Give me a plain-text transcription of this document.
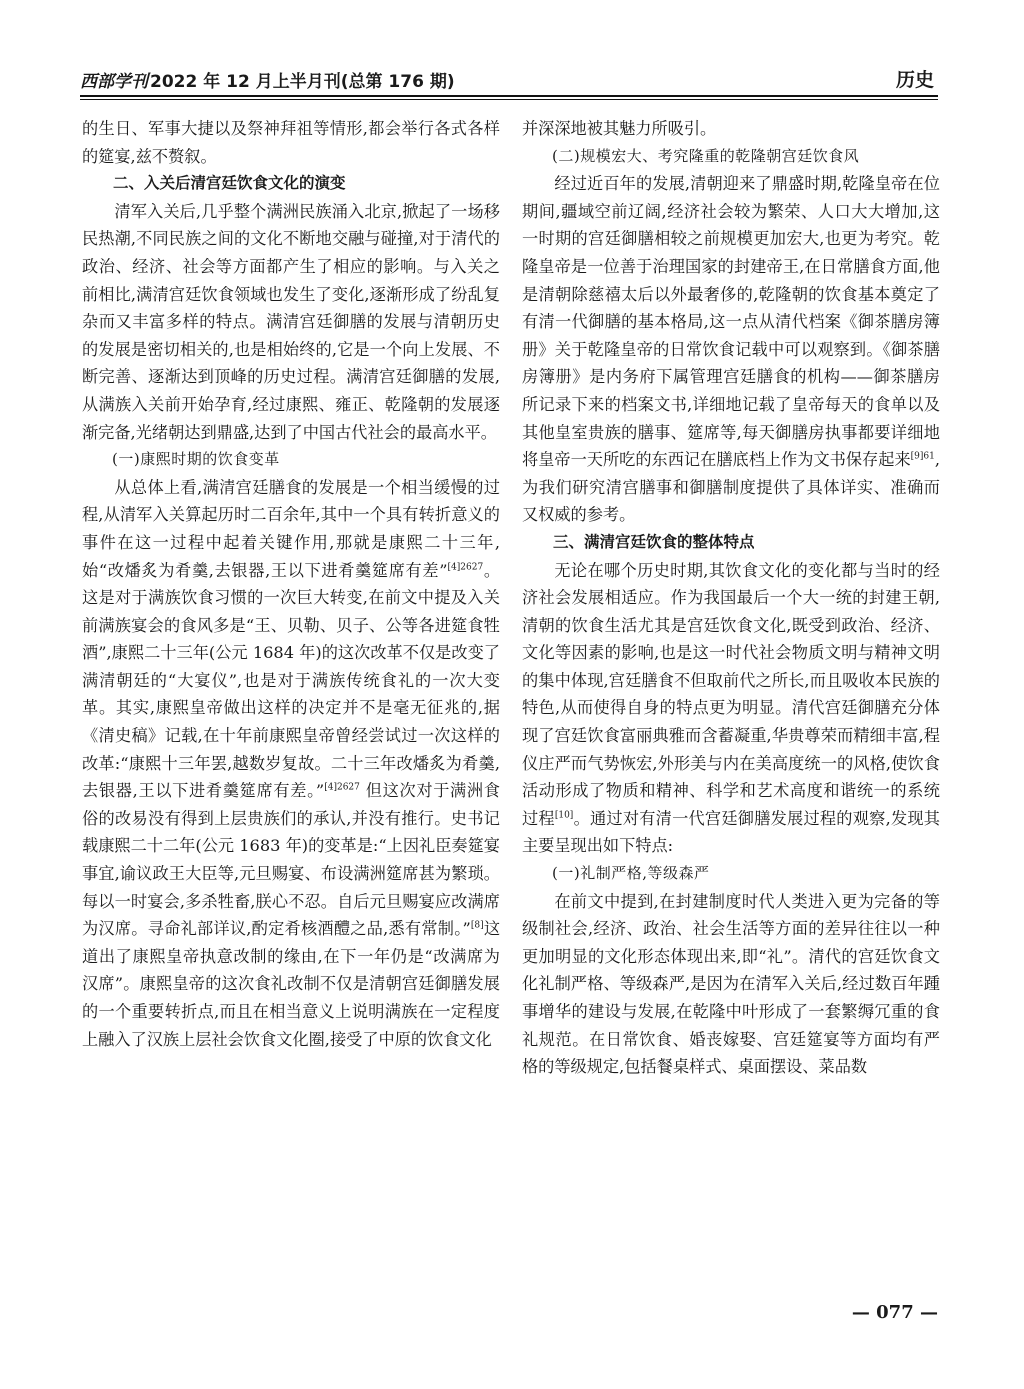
西部学刊 2022 年 12 月上半月刊(总第 176 期)	历史

的生日、军事大捷以及祭神拜祖等情形,都会举行各式各样的筵宴,兹不赘叙。

二、入关后清宫廷饮食文化的演变

清军入关后,几乎整个满洲民族涌入北京,掀起了一场移民热潮,不同民族之间的文化不断地交融与碰撞,对于清代的政治、经济、社会等方面都产生了相应的影响。与入关之前相比,满清宫廷饮食领域也发生了变化,逐渐形成了纷乱复杂而又丰富多样的特点。满清宫廷御膳的发展与清朝历史的发展是密切相关的,也是相始终的,它是一个向上发展、不断完善、逐渐达到顶峰的历史过程。满清宫廷御膳的发展,从满族入关前开始孕育,经过康熙、雍正、乾隆朝的发展逐渐完备,光绪朝达到鼎盛,达到了中国古代社会的最高水平。

(一)康熙时期的饮食变革

从总体上看,满清宫廷膳食的发展是一个相当缓慢的过程,从清军入关算起历时二百余年,其中一个具有转折意义的事件在这一过程中起着关键作用,那就是康熙二十三年,始“改燔炙为肴羹,去银器,王以下进肴羹筵席有差”$^{[4]2627}$。这是对于满族饮食习惯的一次巨大转变,在前文中提及入关前满族宴会的食风多是“王、贝勒、贝子、公等各进筵食牲酒”,康熙二十三年(公元 1684 年)的这次改革不仅是改变了满清朝廷的“大宴仪”,也是对于满族传统食礼的一次大变革。其实,康熙皇帝做出这样的决定并不是毫无征兆的,据《清史稿》记载,在十年前康熙皇帝曾经尝试过一次这样的改革:“康熙十三年罢,越数岁复故。二十三年改燔炙为肴羹,去银器,王以下进肴羹筵席有差。”$^{[4]2627}$ 但这次对于满洲食俗的改易没有得到上层贵族们的承认,并没有推行。史书记载康熙二十二年(公元 1683 年)的变革是:“上因礼臣奏筵宴事宜,谕议政王大臣等,元旦赐宴、布设满洲筵席甚为繁琐。每以一时宴会,多杀牲畜,朕心不忍。自后元旦赐宴应改满席为汉席。寻命礼部详议,酌定肴核酒醴之品,悉有常制。”[8]这道出了康熙皇帝执意改制的缘由,在下一年仍是“改满席为汉席”。康熙皇帝的这次食礼改制不仅是清朝宫廷御膳发展的一个重要转折点,而且在相当意义上说明满族在一定程度上融入了汉族上层社会饮食文化圈,接受了中原的饮食文化

并深深地被其魅力所吸引。

(二)规模宏大、考究隆重的乾隆朝宫廷饮食风

经过近百年的发展,清朝迎来了鼎盛时期,乾隆皇帝在位期间,疆域空前辽阔,经济社会较为繁荣、人口大大增加,这一时期的宫廷御膳相较之前规模更加宏大,也更为考究。乾隆皇帝是一位善于治理国家的封建帝王,在日常膳食方面,他是清朝除慈禧太后以外最奢侈的,乾隆朝的饮食基本奠定了有清一代御膳的基本格局,这一点从清代档案《御茶膳房簿册》关于乾隆皇帝的日常饮食记载中可以观察到。《御茶膳房簿册》是内务府下属管理宫廷膳食的机构——御茶膳房所记录下来的档案文书,详细地记载了皇帝每天的食单以及其他皇室贵族的膳事、筵席等,每天御膳房执事都要详细地将皇帝一天所吃的东西记在膳底档上作为文书保存起来$^{[9]61}$,为我们研究清宫膳事和御膳制度提供了具体详实、准确而又权威的参考。

三、满清宫廷饮食的整体特点

无论在哪个历史时期,其饮食文化的变化都与当时的经济社会发展相适应。作为我国最后一个大一统的封建王朝,清朝的饮食生活尤其是宫廷饮食文化,既受到政治、经济、文化等因素的影响,也是这一时代社会物质文明与精神文明的集中体现,宫廷膳食不但取前代之所长,而且吸收本民族的特色,从而使得自身的特点更为明显。清代宫廷御膳充分体现了宫廷饮食富丽典雅而含蓄凝重,华贵尊荣而精细丰富,程仪庄严而气势恢宏,外形美与内在美高度统一的风格,使饮食活动形成了物质和精神、科学和艺术高度和谐统一的系统过程[10]。通过对有清一代宫廷御膳发展过程的观察,发现其主要呈现出如下特点:

(一)礼制严格,等级森严

在前文中提到,在封建制度时代人类进入更为完备的等级制社会,经济、政治、社会生活等方面的差异往往以一种更加明显的文化形态体现出来,即“礼”。清代的宫廷饮食文化礼制严格、等级森严,是因为在清军入关后,经过数百年踵事增华的建设与发展,在乾隆中叶形成了一套繁缛冗重的食礼规范。在日常饮食、婚丧嫁娶、宫廷筵宴等方面均有严格的等级规定,包括餐桌样式、桌面摆设、菜品数

— 077 —
